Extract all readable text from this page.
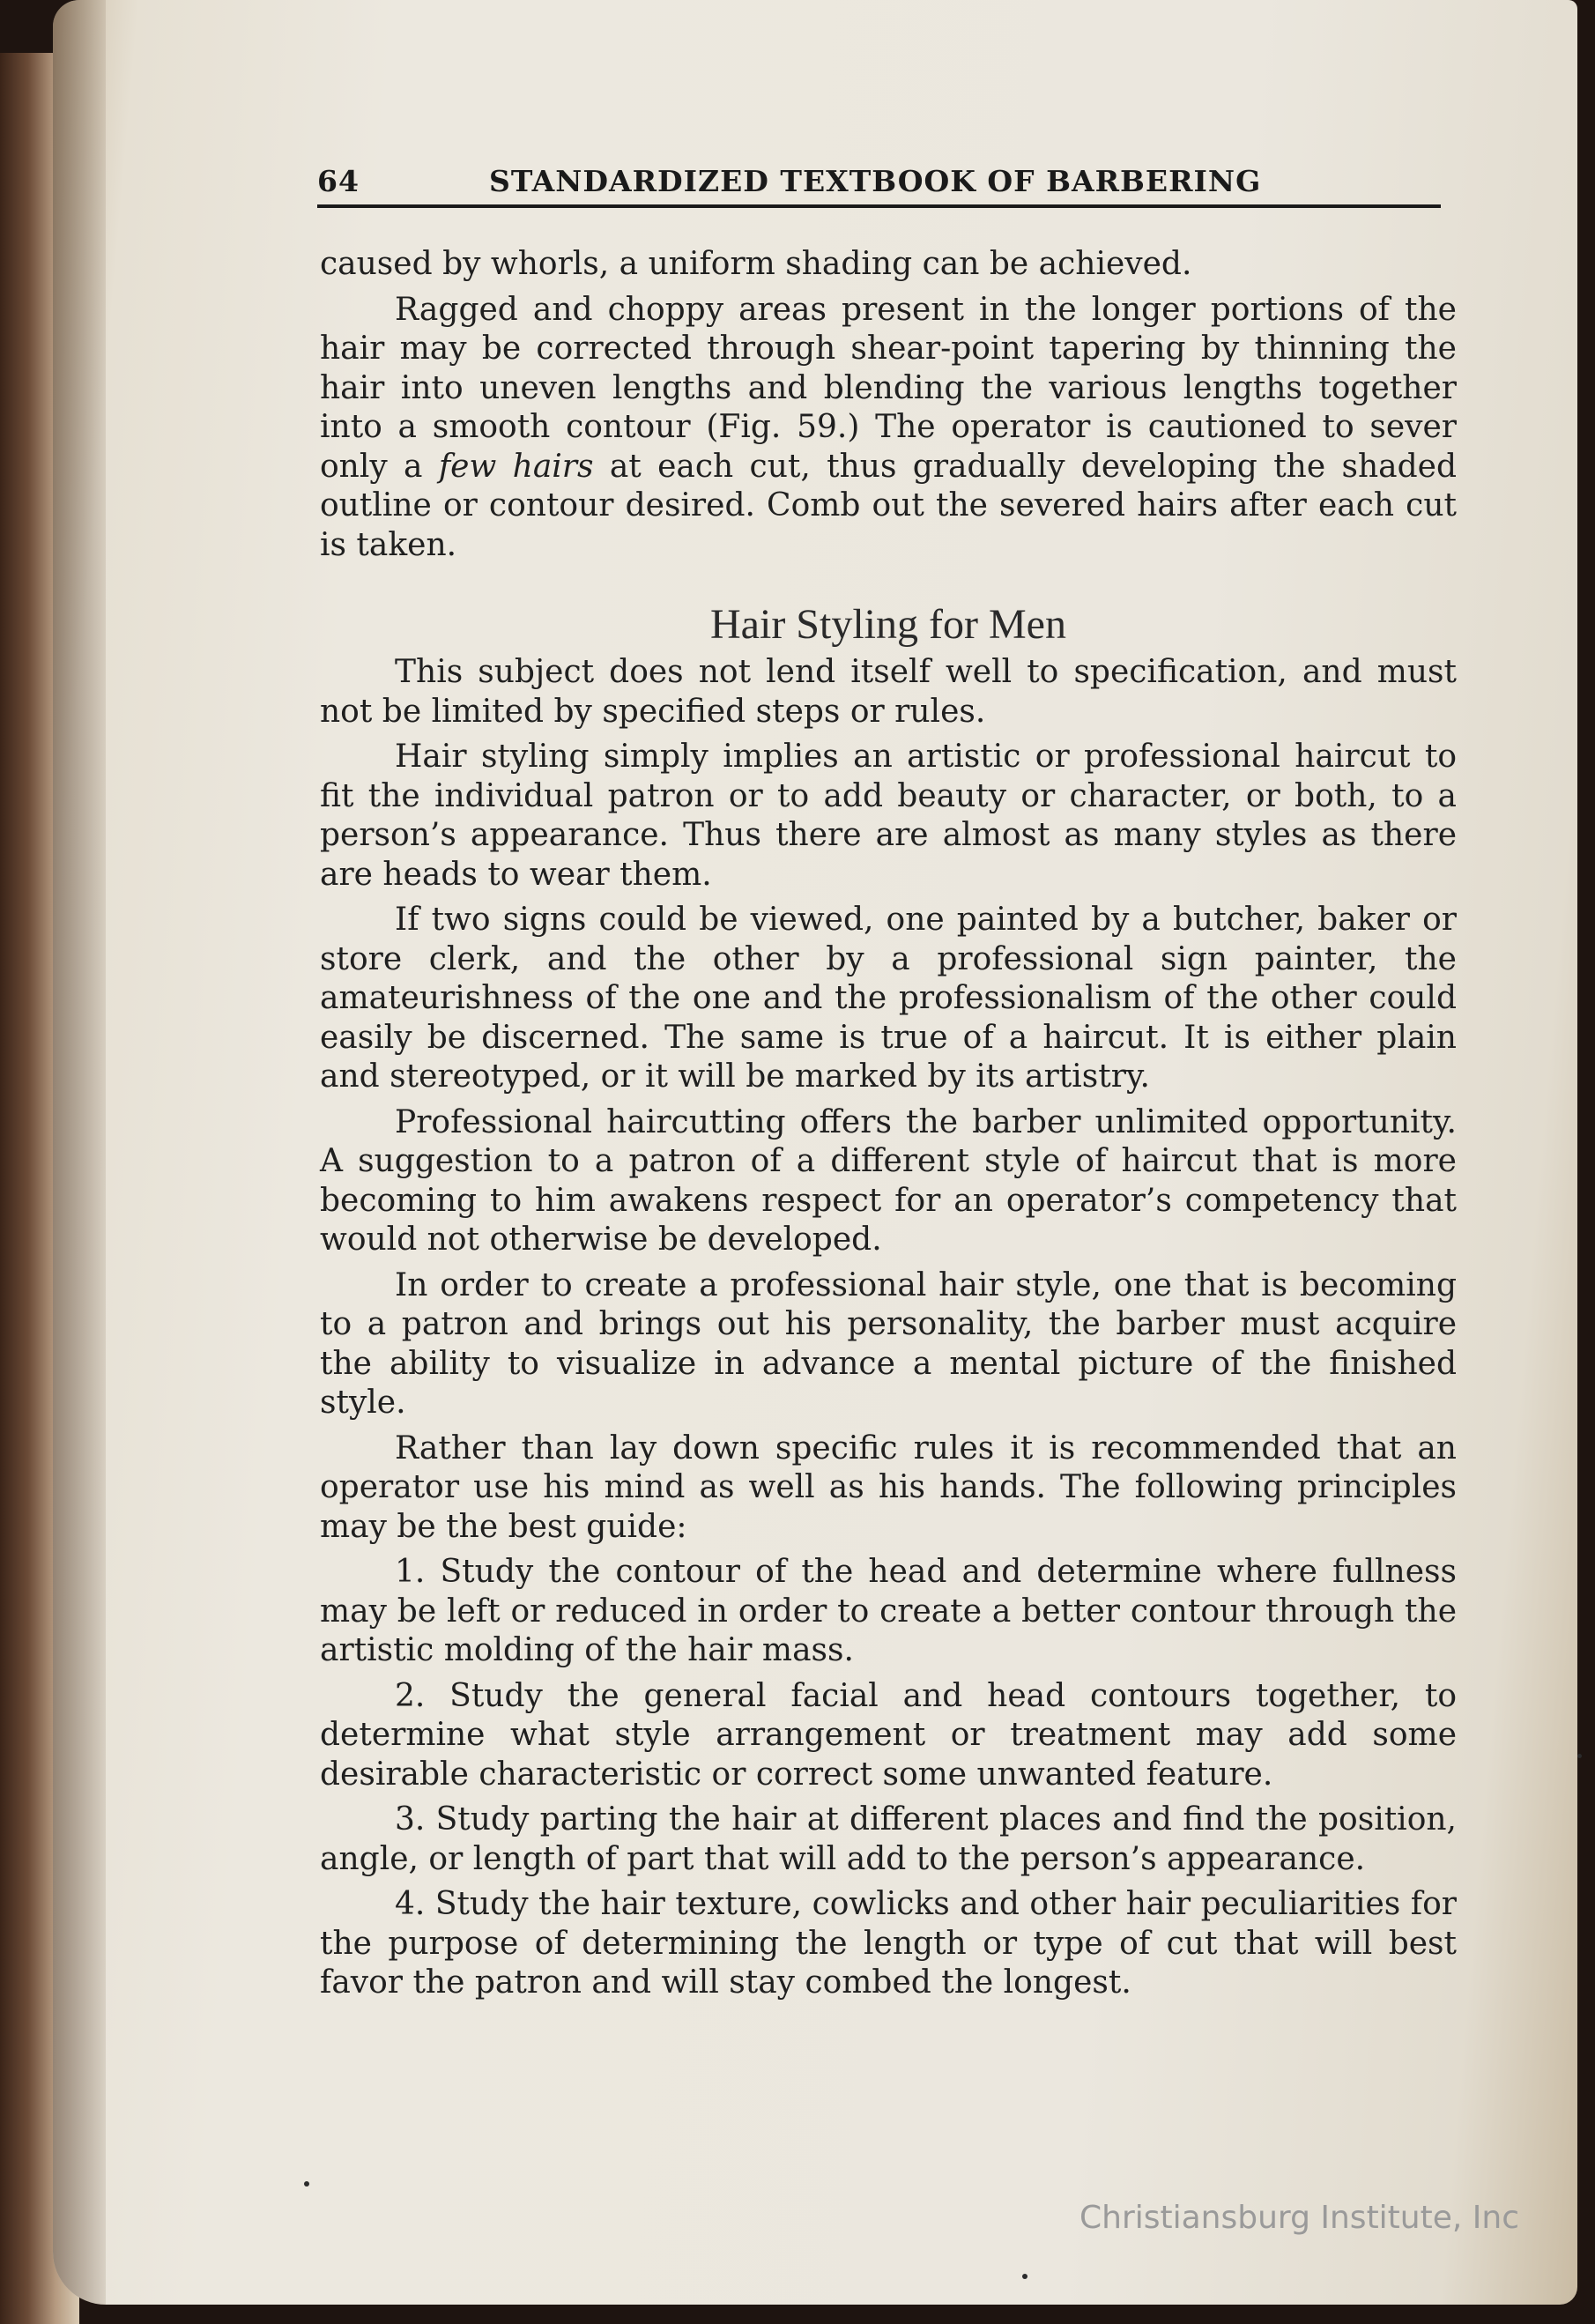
64	STANDARDIZED TEXTBOOK OF BARBERING

caused by whorls, a uniform shading can be achieved.

Ragged and choppy areas present in the longer portions of the hair may be corrected through shear-point tapering by thinning the hair into uneven lengths and blending the various lengths together into a smooth contour (Fig. 59.) The operator is cautioned to sever only a few hairs at each cut, thus gradually developing the shaded outline or contour desired. Comb out the severed hairs after each cut is taken.

Hair Styling for Men

This subject does not lend itself well to specification, and must not be limited by specified steps or rules.

Hair styling simply implies an artistic or professional haircut to fit the individual patron or to add beauty or character, or both, to a person’s appearance. Thus there are almost as many styles as there are heads to wear them.

If two signs could be viewed, one painted by a butcher, baker or store clerk, and the other by a professional sign painter, the amateurishness of the one and the professionalism of the other could easily be discerned. The same is true of a haircut. It is either plain and stereotyped, or it will be marked by its artistry.

Professional haircutting offers the barber unlimited opportunity. A suggestion to a patron of a different style of haircut that is more becoming to him awakens respect for an operator’s competency that would not otherwise be developed.

In order to create a professional hair style, one that is becoming to a patron and brings out his personality, the barber must acquire the ability to visualize in advance a mental picture of the finished style.

Rather than lay down specific rules it is recommended that an operator use his mind as well as his hands. The following principles may be the best guide:

1. Study the contour of the head and determine where fullness may be left or reduced in order to create a better contour through the artistic molding of the hair mass.

2. Study the general facial and head contours together, to determine what style arrangement or treatment may add some desirable characteristic or correct some unwanted feature.

3. Study parting the hair at different places and find the position, angle, or length of part that will add to the person’s appearance.

4. Study the hair texture, cowlicks and other hair peculiarities for the purpose of determining the length or type of cut that will best favor the patron and will stay combed the longest.

Christiansburg Institute, Inc
